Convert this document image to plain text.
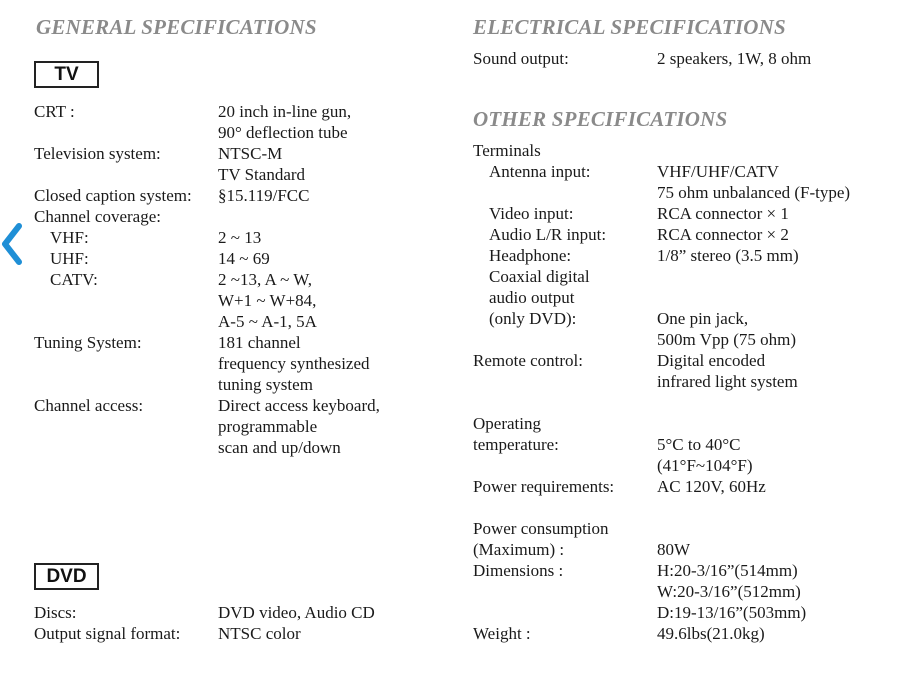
GENERAL SPECIFICATIONS
TV
CRT :	20 inch in-line gun,
90° deflection tube
Television system:	NTSC-M
TV Standard
Closed caption system: §15.119/FCC
Channel coverage:
VHF:	2 ~ 13
UHF:	14 ~ 69
CATV:	2 ~13, A ~ W,
W+1 ~ W+84,
A-5 ~ A-1, 5A
Tuning System:	181 channel
frequency synthesized
tuning system
Channel access:	Direct access keyboard,
programmable
scan and up/down
DVD
Discs:	DVD video, Audio CD
Output signal format: NTSC color
ELECTRICAL SPECIFICATIONS
Sound output:	2 speakers, 1W, 8 ohm
OTHER SPECIFICATIONS
Terminals
Antenna input:	VHF/UHF/CATV
75 ohm unbalanced (F-type)
Video input:	RCA connector × 1
Audio L/R input:	RCA connector × 2
Headphone:	1/8” stereo (3.5 mm)
Coaxial digital
audio output
(only DVD):	One pin jack,
500m Vpp (75 ohm)
Remote control:	Digital encoded
infrared light system
Operating
temperature:	5°C to 40°C
(41°F~104°F)
Power requirements:	AC 120V, 60Hz
Power consumption
(Maximum) :	80W
Dimensions :	H:20-3/16”(514mm)
W:20-3/16”(512mm)
D:19-13/16”(503mm)
Weight :	49.6lbs(21.0kg)
